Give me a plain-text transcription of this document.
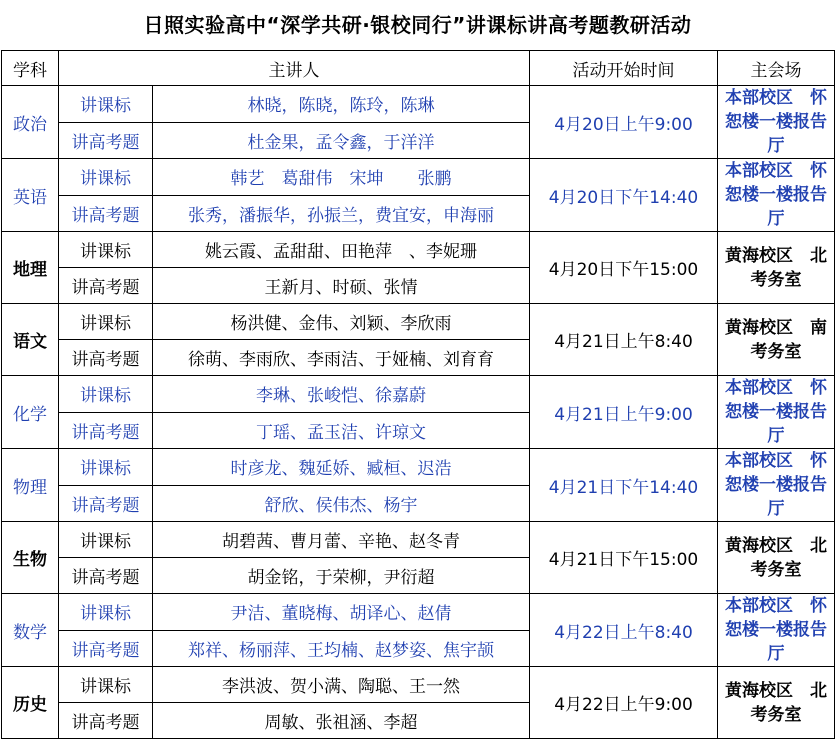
日照实验高中“深学共研·银校同行”讲课标讲高考题教研活动
学科	主讲人		活动开始时间	主会场
政治	讲课标	林晓，陈晓，陈玲，陈琳	4月20日上午9:00	本部校区　怀恕楼一楼报告厅
	讲高考题	杜金果，孟令鑫，于洋洋		
英语	讲课标	韩艺　葛甜伟　宋坤　　张鹏	4月20日下午14:40	本部校区　怀恕楼一楼报告厅
	讲高考题	张秀，潘振华，孙振兰，费宜安，申海丽		
地理	讲课标	姚云霞、孟甜甜、田艳萍　、李妮珊	4月20日下午15:00	黄海校区　北考务室
	讲高考题	王新月、时硕、张情		
语文	讲课标	杨洪健、金伟、刘颖、李欣雨	4月21日上午8:40	黄海校区　南考务室
	讲高考题	徐萌、李雨欣、李雨洁、于娅楠、刘育育		
化学	讲课标	李琳、张峻恺、徐嘉蔚	4月21日上午9:00	本部校区　怀恕楼一楼报告厅
	讲高考题	丁瑶、孟玉洁、许琼文		
物理	讲课标	时彦龙、魏延娇、臧桓、迟浩	4月21日下午14:40	本部校区　怀恕楼一楼报告厅
	讲高考题	舒欣、侯伟杰、杨宇		
生物	讲课标	胡碧茜、曹月蕾、辛艳、赵冬青	4月21日下午15:00	黄海校区　北考务室
	讲高考题	胡金铭，于荣柳，尹衍超		
数学	讲课标	尹洁、董晓梅、胡译心、赵倩	4月22日上午8:40	本部校区　怀恕楼一楼报告厅
	讲高考题	郑祥、杨丽萍、王均楠、赵梦姿、焦宇颉		
历史	讲课标	李洪波、贺小满、陶聪、王一然	4月22日上午9:00	黄海校区　北考务室
	讲高考题	周敏、张祖涵、李超		
